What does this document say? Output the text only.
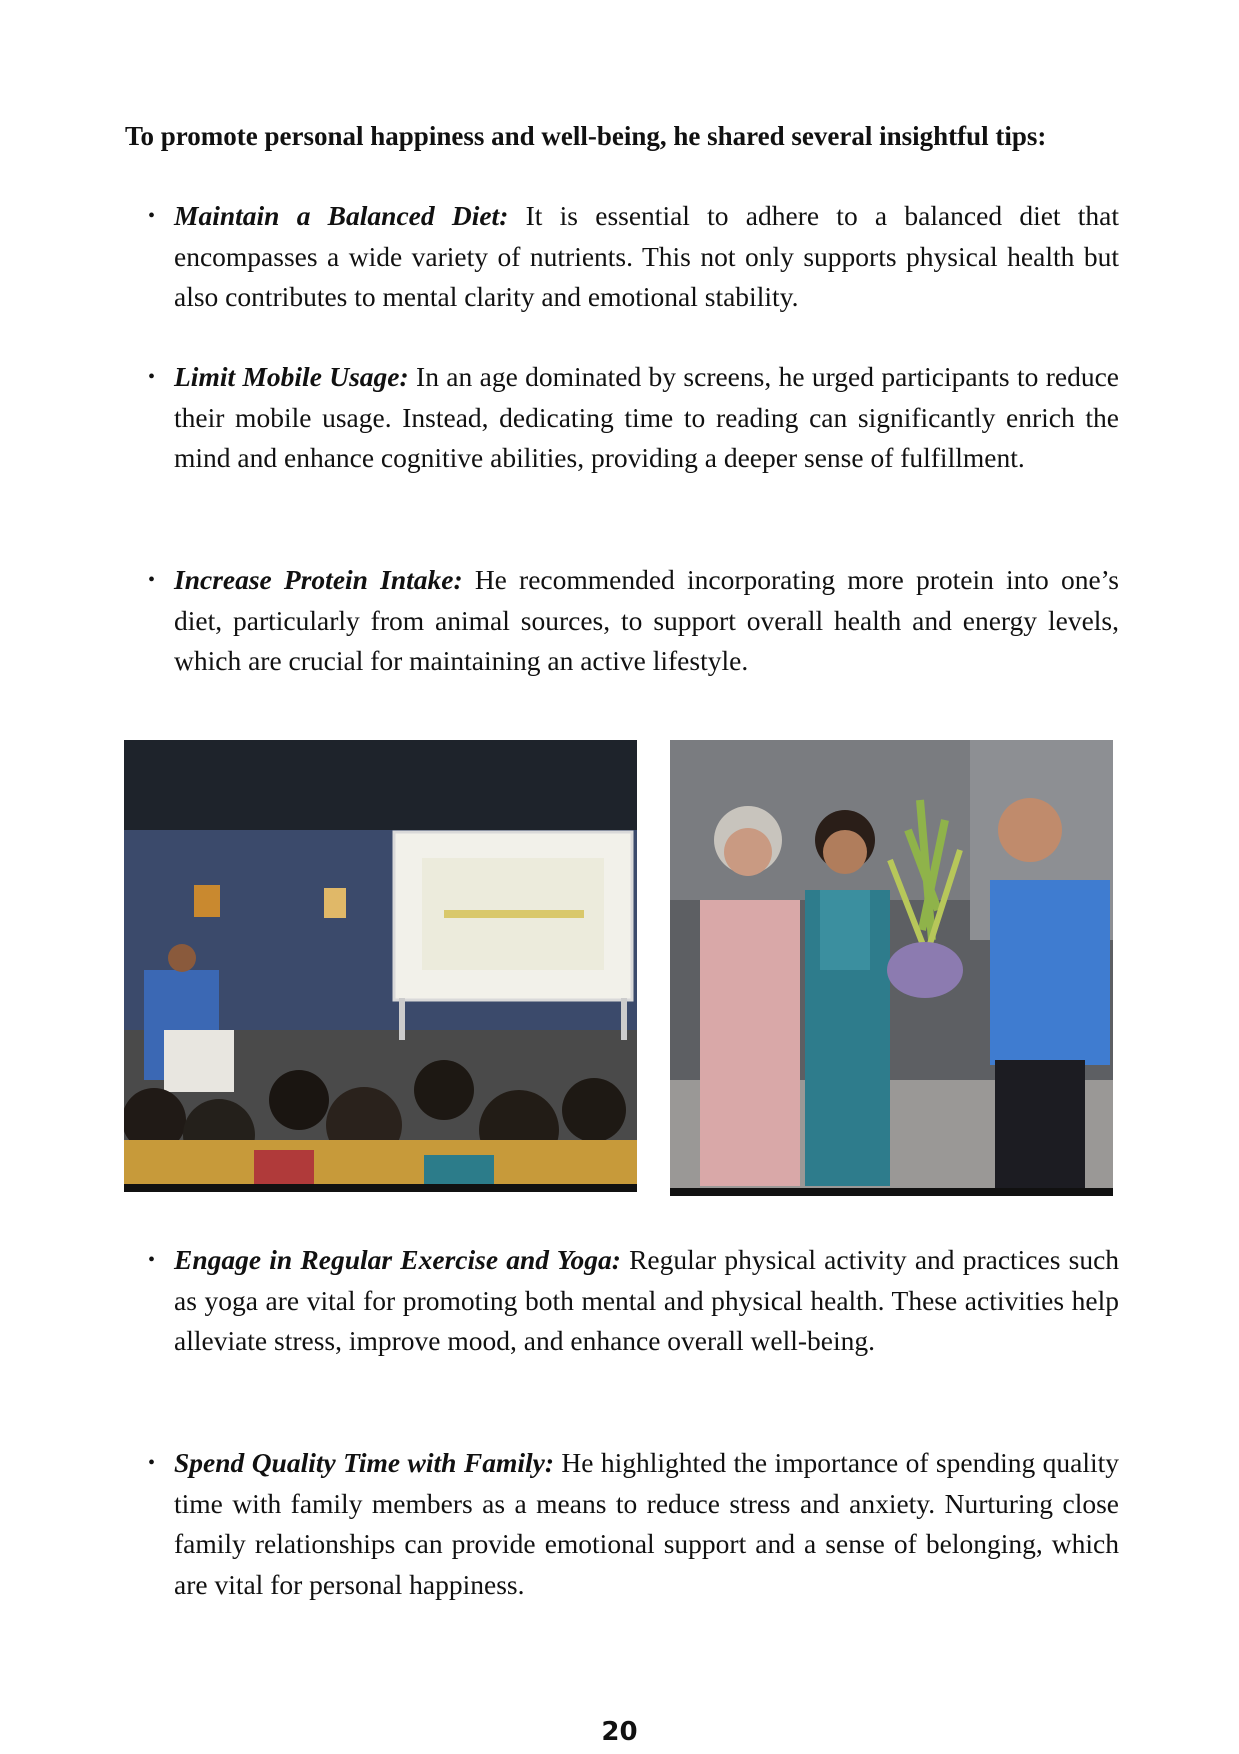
To promote personal happiness and well-being, he shared several insightful tips:
• Maintain a Balanced Diet: It is essential to adhere to a balanced diet that encompasses a wide variety of nutrients. This not only supports physical health but also contributes to mental clarity and emotional stability.
• Limit Mobile Usage: In an age dominated by screens, he urged participants to reduce their mobile usage. Instead, dedicating time to reading can significantly enrich the mind and enhance cognitive abilities, providing a deeper sense of fulfillment.
• Increase Protein Intake: He recommended incorporating more protein into one’s diet, particularly from animal sources, to support overall health and energy levels, which are crucial for maintaining an active lifestyle.
• Engage in Regular Exercise and Yoga: Regular physical activity and practices such as yoga are vital for promoting both mental and physical health. These activities help alleviate stress, improve mood, and enhance overall well-being.
• Spend Quality Time with Family: He highlighted the importance of spending quality time with family members as a means to reduce stress and anxiety. Nurturing close family relationships can provide emotional support and a sense of belonging, which are vital for personal happiness.
20
